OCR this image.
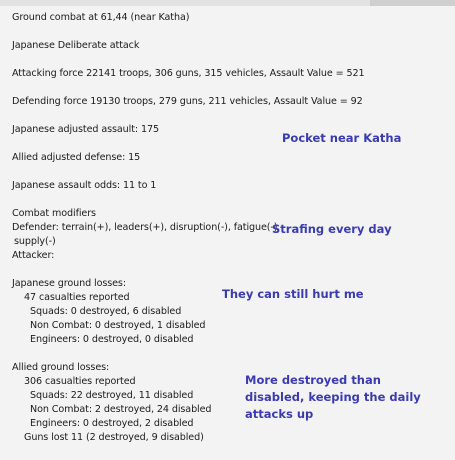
Ground combat at 61,44 (near Katha)
Japanese Deliberate attack
Attacking force 22141 troops, 306 guns, 315 vehicles, Assault Value = 521
Defending force 19130 troops, 279 guns, 211 vehicles, Assault Value = 92
Japanese adjusted assault: 175
Allied adjusted defense: 15
Japanese assault odds: 11 to 1
Combat modifiers
Defender: terrain(+), leaders(+), disruption(-), fatigue(-)
supply(-)
Attacker:
Japanese ground losses:
47 casualties reported
Squads: 0 destroyed, 6 disabled
Non Combat: 0 destroyed, 1 disabled
Engineers: 0 destroyed, 0 disabled
Allied ground losses:
306 casualties reported
Squads: 22 destroyed, 11 disabled
Non Combat: 2 destroyed, 24 disabled
Engineers: 0 destroyed, 2 disabled
Guns lost 11 (2 destroyed, 9 disabled)
Pocket near Katha
Strafing every day
They can still hurt me
More destroyed than disabled, keeping the daily attacks up
